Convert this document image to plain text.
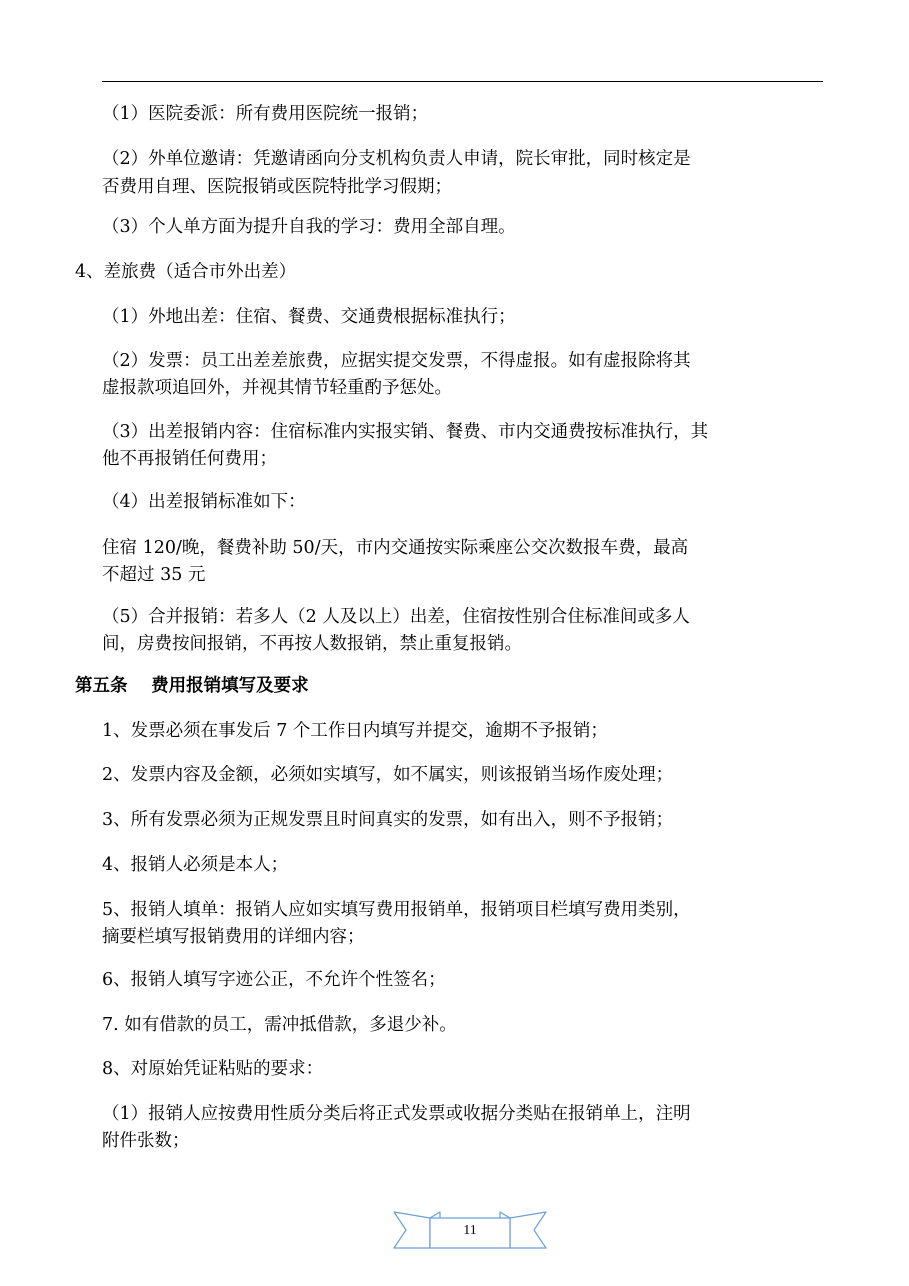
（1）医院委派：所有费用医院统一报销；

（2）外单位邀请：凭邀请函向分支机构负责人申请，院长审批，同时核定是

否费用自理、医院报销或医院特批学习假期；

（3）个人单方面为提升自我的学习：费用全部自理。

4、差旅费（适合市外出差）

（1）外地出差：住宿、餐费、交通费根据标准执行；

（2）发票：员工出差差旅费，应据实提交发票，不得虚报。如有虚报除将其

虚报款项追回外，并视其情节轻重酌予惩处。

（3）出差报销内容：住宿标准内实报实销、餐费、市内交通费按标准执行，其

他不再报销任何费用；

（4）出差报销标准如下：

住宿 120/晚，餐费补助 50/天，市内交通按实际乘座公交次数报车费，最高

不超过 35 元

（5）合并报销：若多人（2 人及以上）出差，住宿按性别合住标准间或多人

间，房费按间报销，不再按人数报销，禁止重复报销。

第五条　 费用报销填写及要求

1、发票必须在事发后 7 个工作日内填写并提交，逾期不予报销；

2、发票内容及金额，必须如实填写，如不属实，则该报销当场作废处理；

3、所有发票必须为正规发票且时间真实的发票，如有出入，则不予报销；

4、报销人必须是本人；

5、报销人填单：报销人应如实填写费用报销单，报销项目栏填写费用类别，

摘要栏填写报销费用的详细内容；

6、报销人填写字迹公正，不允许个性签名；

7. 如有借款的员工，需冲抵借款，多退少补。

8、对原始凭证粘贴的要求：

（1）报销人应按费用性质分类后将正式发票或收据分类贴在报销单上，注明

附件张数；

11
